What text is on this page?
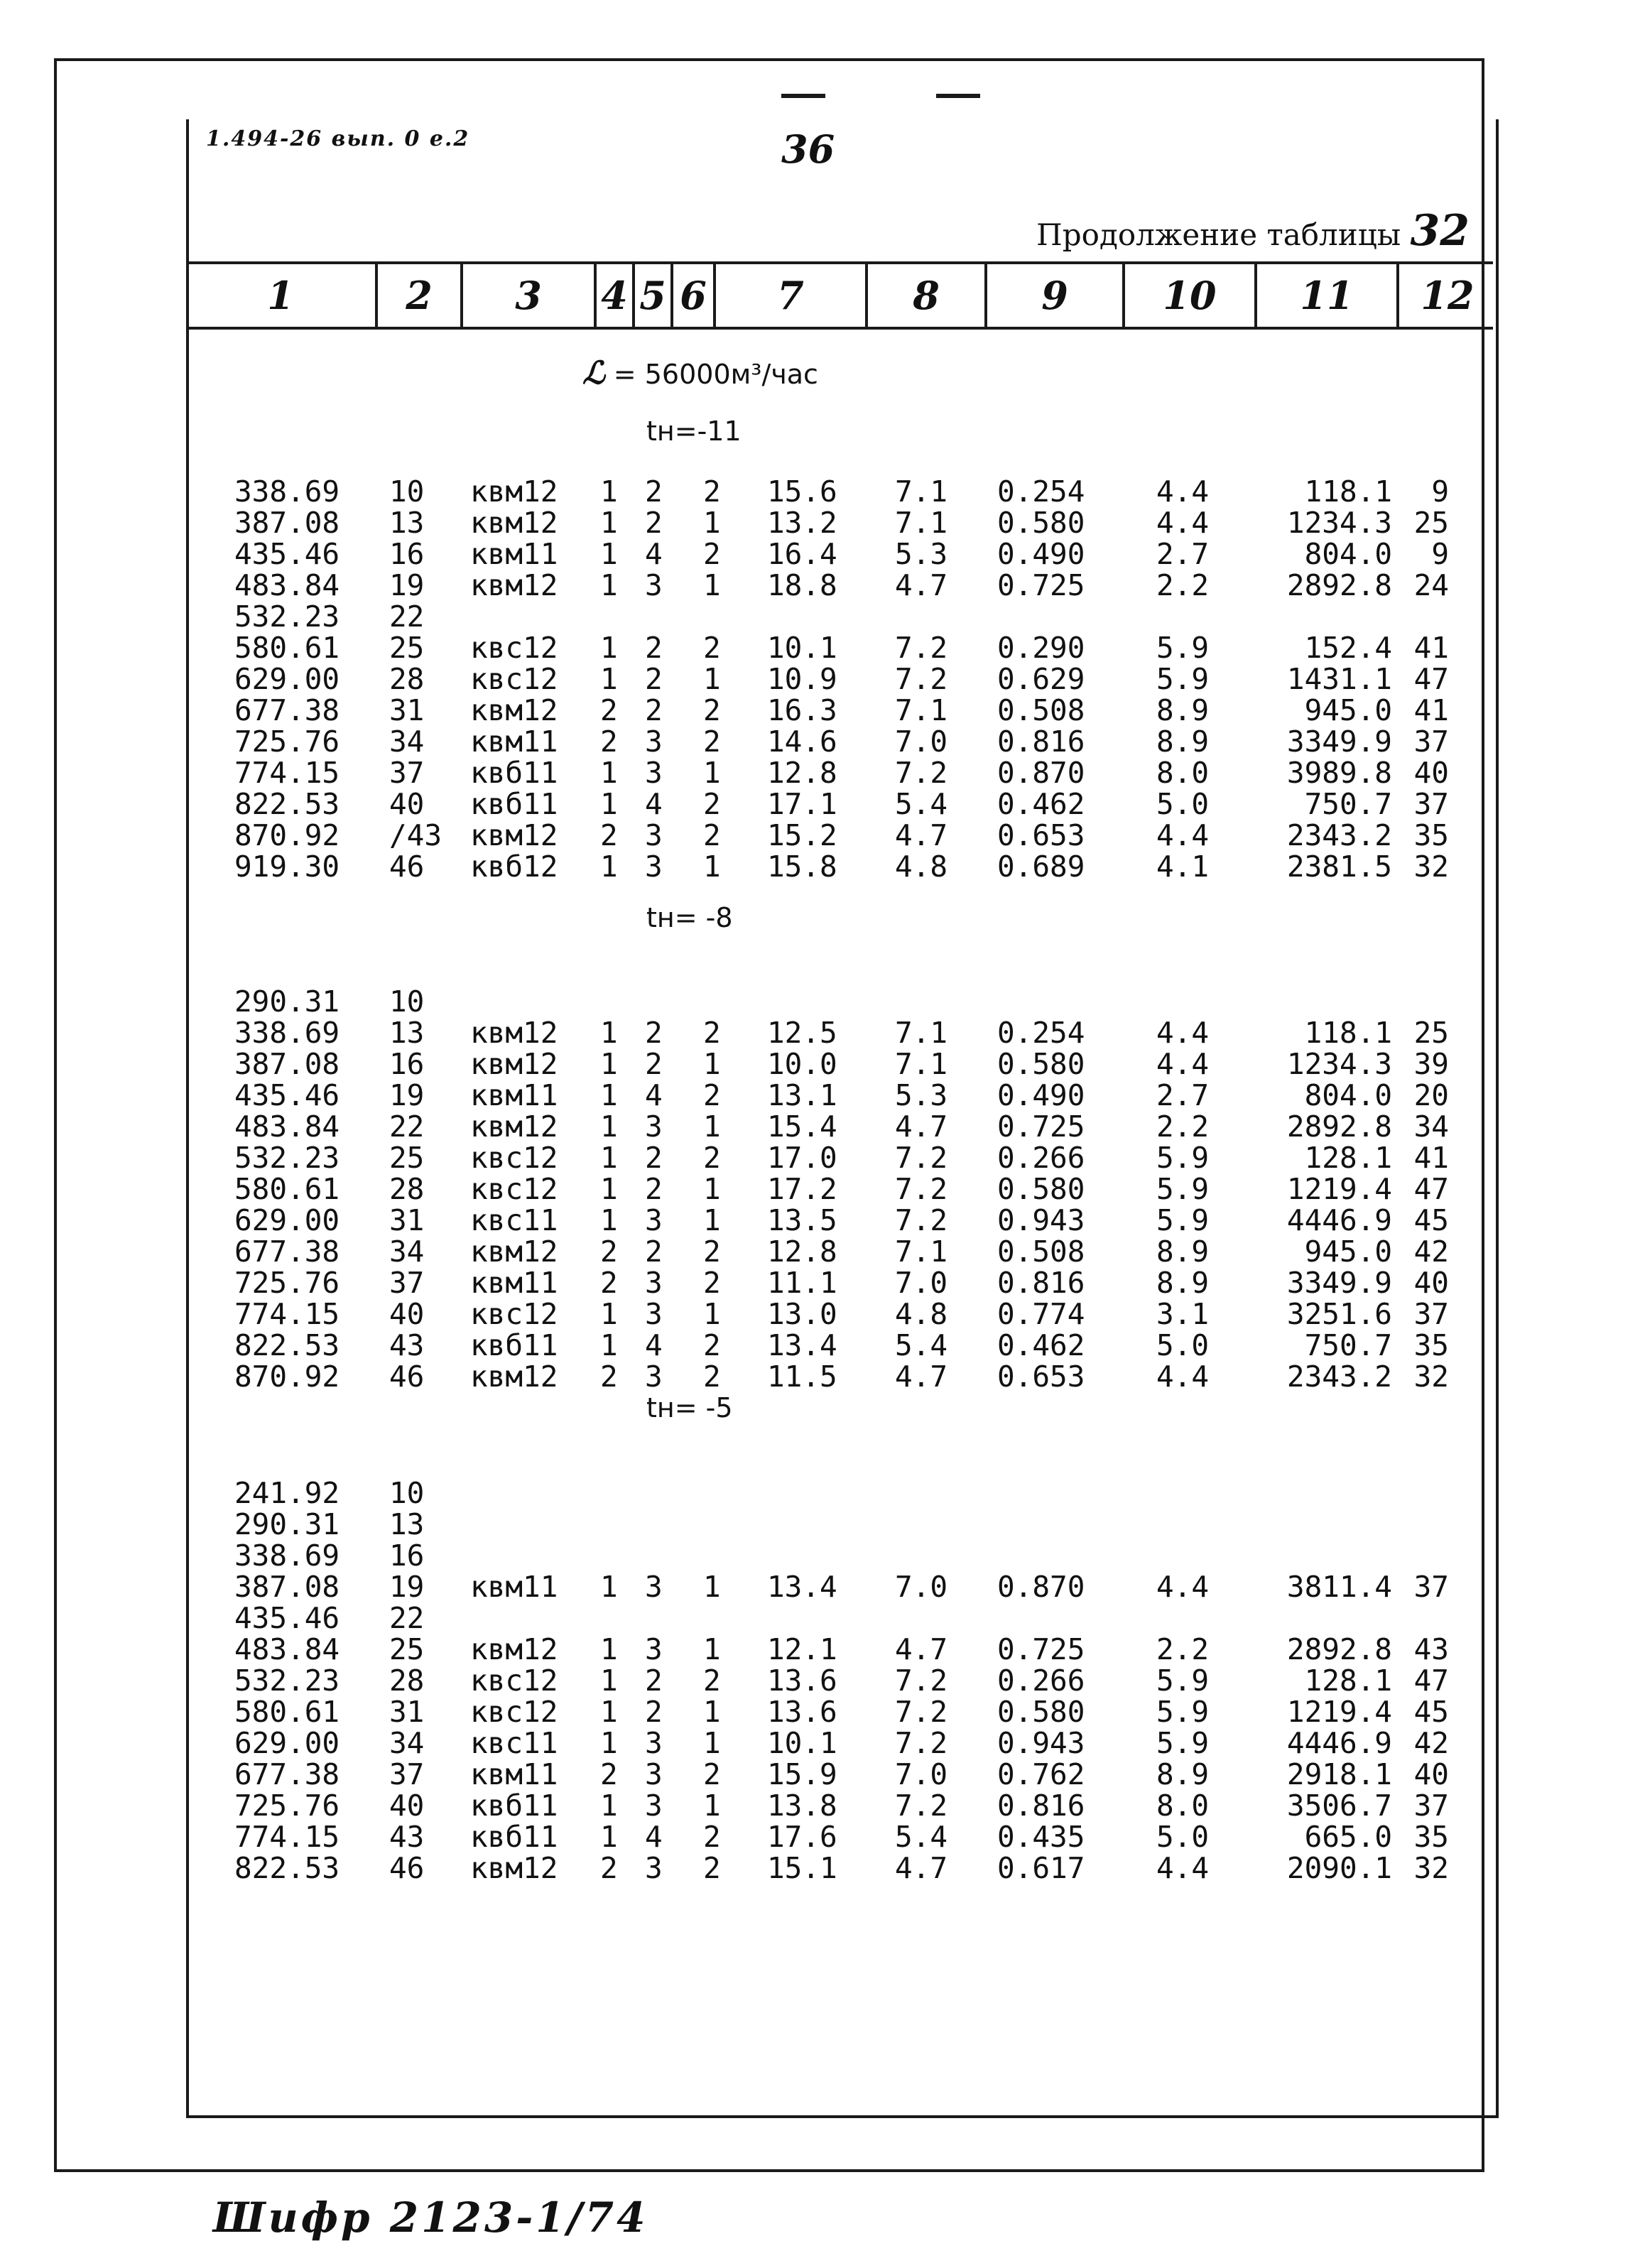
1.494-26 вып. 0 е.2	36
Продолжение таблицы 32
1	2	3	4 5 6	7	8	9	10	11	12
ℒ = 56000м³/час
tн=-11
338.69 10 квм12 1 2 2 15.6 7.1 0.254 4.4	118.1	9
387.08 13 квм12 1 2 1 13.2 7.1 0.580 4.4	1234.3 25
435.46 16 квм11 1 4 2 16.4 5.3 0.490 2.7	804.0	9
483.84 19 квм12 1 3 1 18.8 4.7 0.725 2.2	2892.8 24
532.23 22
580.61 25 квс12 1 2 2 10.1 7.2 0.290 5.9	152.4 41
629.00 28 квс12 1 2 1 10.9 7.2 0.629 5.9	1431.1 47
677.38 31 квм12 2 2 2 16.3 7.1 0.508 8.9	945.0 41
725.76 34 квм11 2 3 2 14.6 7.0 0.816 8.9	3349.9 37
774.15 37 квб11 1 3 1 12.8 7.2 0.870 8.0	3989.8 40
822.53 40 квб11 1 4 2 17.1 5.4 0.462 5.0	750.7 37
870.92 /43 квм12 2 3 2 15.2 4.7 0.653 4.4	2343.2 35
919.30 46 квб12 1 3 1 15.8 4.8 0.689 4.1	2381.5 32
tн= -8
290.31 10
338.69 13 квм12 1 2 2 12.5 7.1 0.254 4.4	118.1 25
387.08 16 квм12 1 2 1 10.0 7.1 0.580 4.4	1234.3 39
435.46 19 квм11 1 4 2 13.1 5.3 0.490 2.7	804.0 20
483.84 22 квм12 1 3 1 15.4 4.7 0.725 2.2	2892.8 34
532.23 25 квс12 1 2 2 17.0 7.2 0.266 5.9	128.1 41
580.61 28 квс12 1 2 1 17.2 7.2 0.580 5.9	1219.4 47
629.00 31 квс11 1 3 1 13.5 7.2 0.943 5.9	4446.9 45
677.38 34 квм12 2 2 2 12.8 7.1 0.508 8.9	945.0 42
725.76 37 квм11 2 3 2 11.1 7.0 0.816 8.9	3349.9 40
774.15 40 квс12 1 3 1 13.0 4.8 0.774 3.1	3251.6 37
822.53 43 квб11 1 4 2 13.4 5.4 0.462 5.0	750.7 35
870.92 46 квм12 2 3 2 11.5 4.7 0.653 4.4	2343.2 32
tн= -5
241.92 10
290.31 13
338.69 16
387.08 19 квм11 1 3 1 13.4 7.0 0.870 4.4	3811.4 37
435.46 22
483.84 25 квм12 1 3 1 12.1 4.7 0.725 2.2	2892.8 43
532.23 28 квс12 1 2 2 13.6 7.2 0.266 5.9	128.1 47
580.61 31 квс12 1 2 1 13.6 7.2 0.580 5.9	1219.4 45
629.00 34 квс11 1 3 1 10.1 7.2 0.943 5.9	4446.9 42
677.38 37 квм11 2 3 2 15.9 7.0 0.762 8.9	2918.1 40
725.76 40 квб11 1 3 1 13.8 7.2 0.816 8.0	3506.7 37
774.15 43 квб11 1 4 2 17.6 5.4 0.435 5.0	665.0 35
822.53 46 квм12 2 3 2 15.1 4.7 0.617 4.4	2090.1 32
Шифр 2123-1/74
